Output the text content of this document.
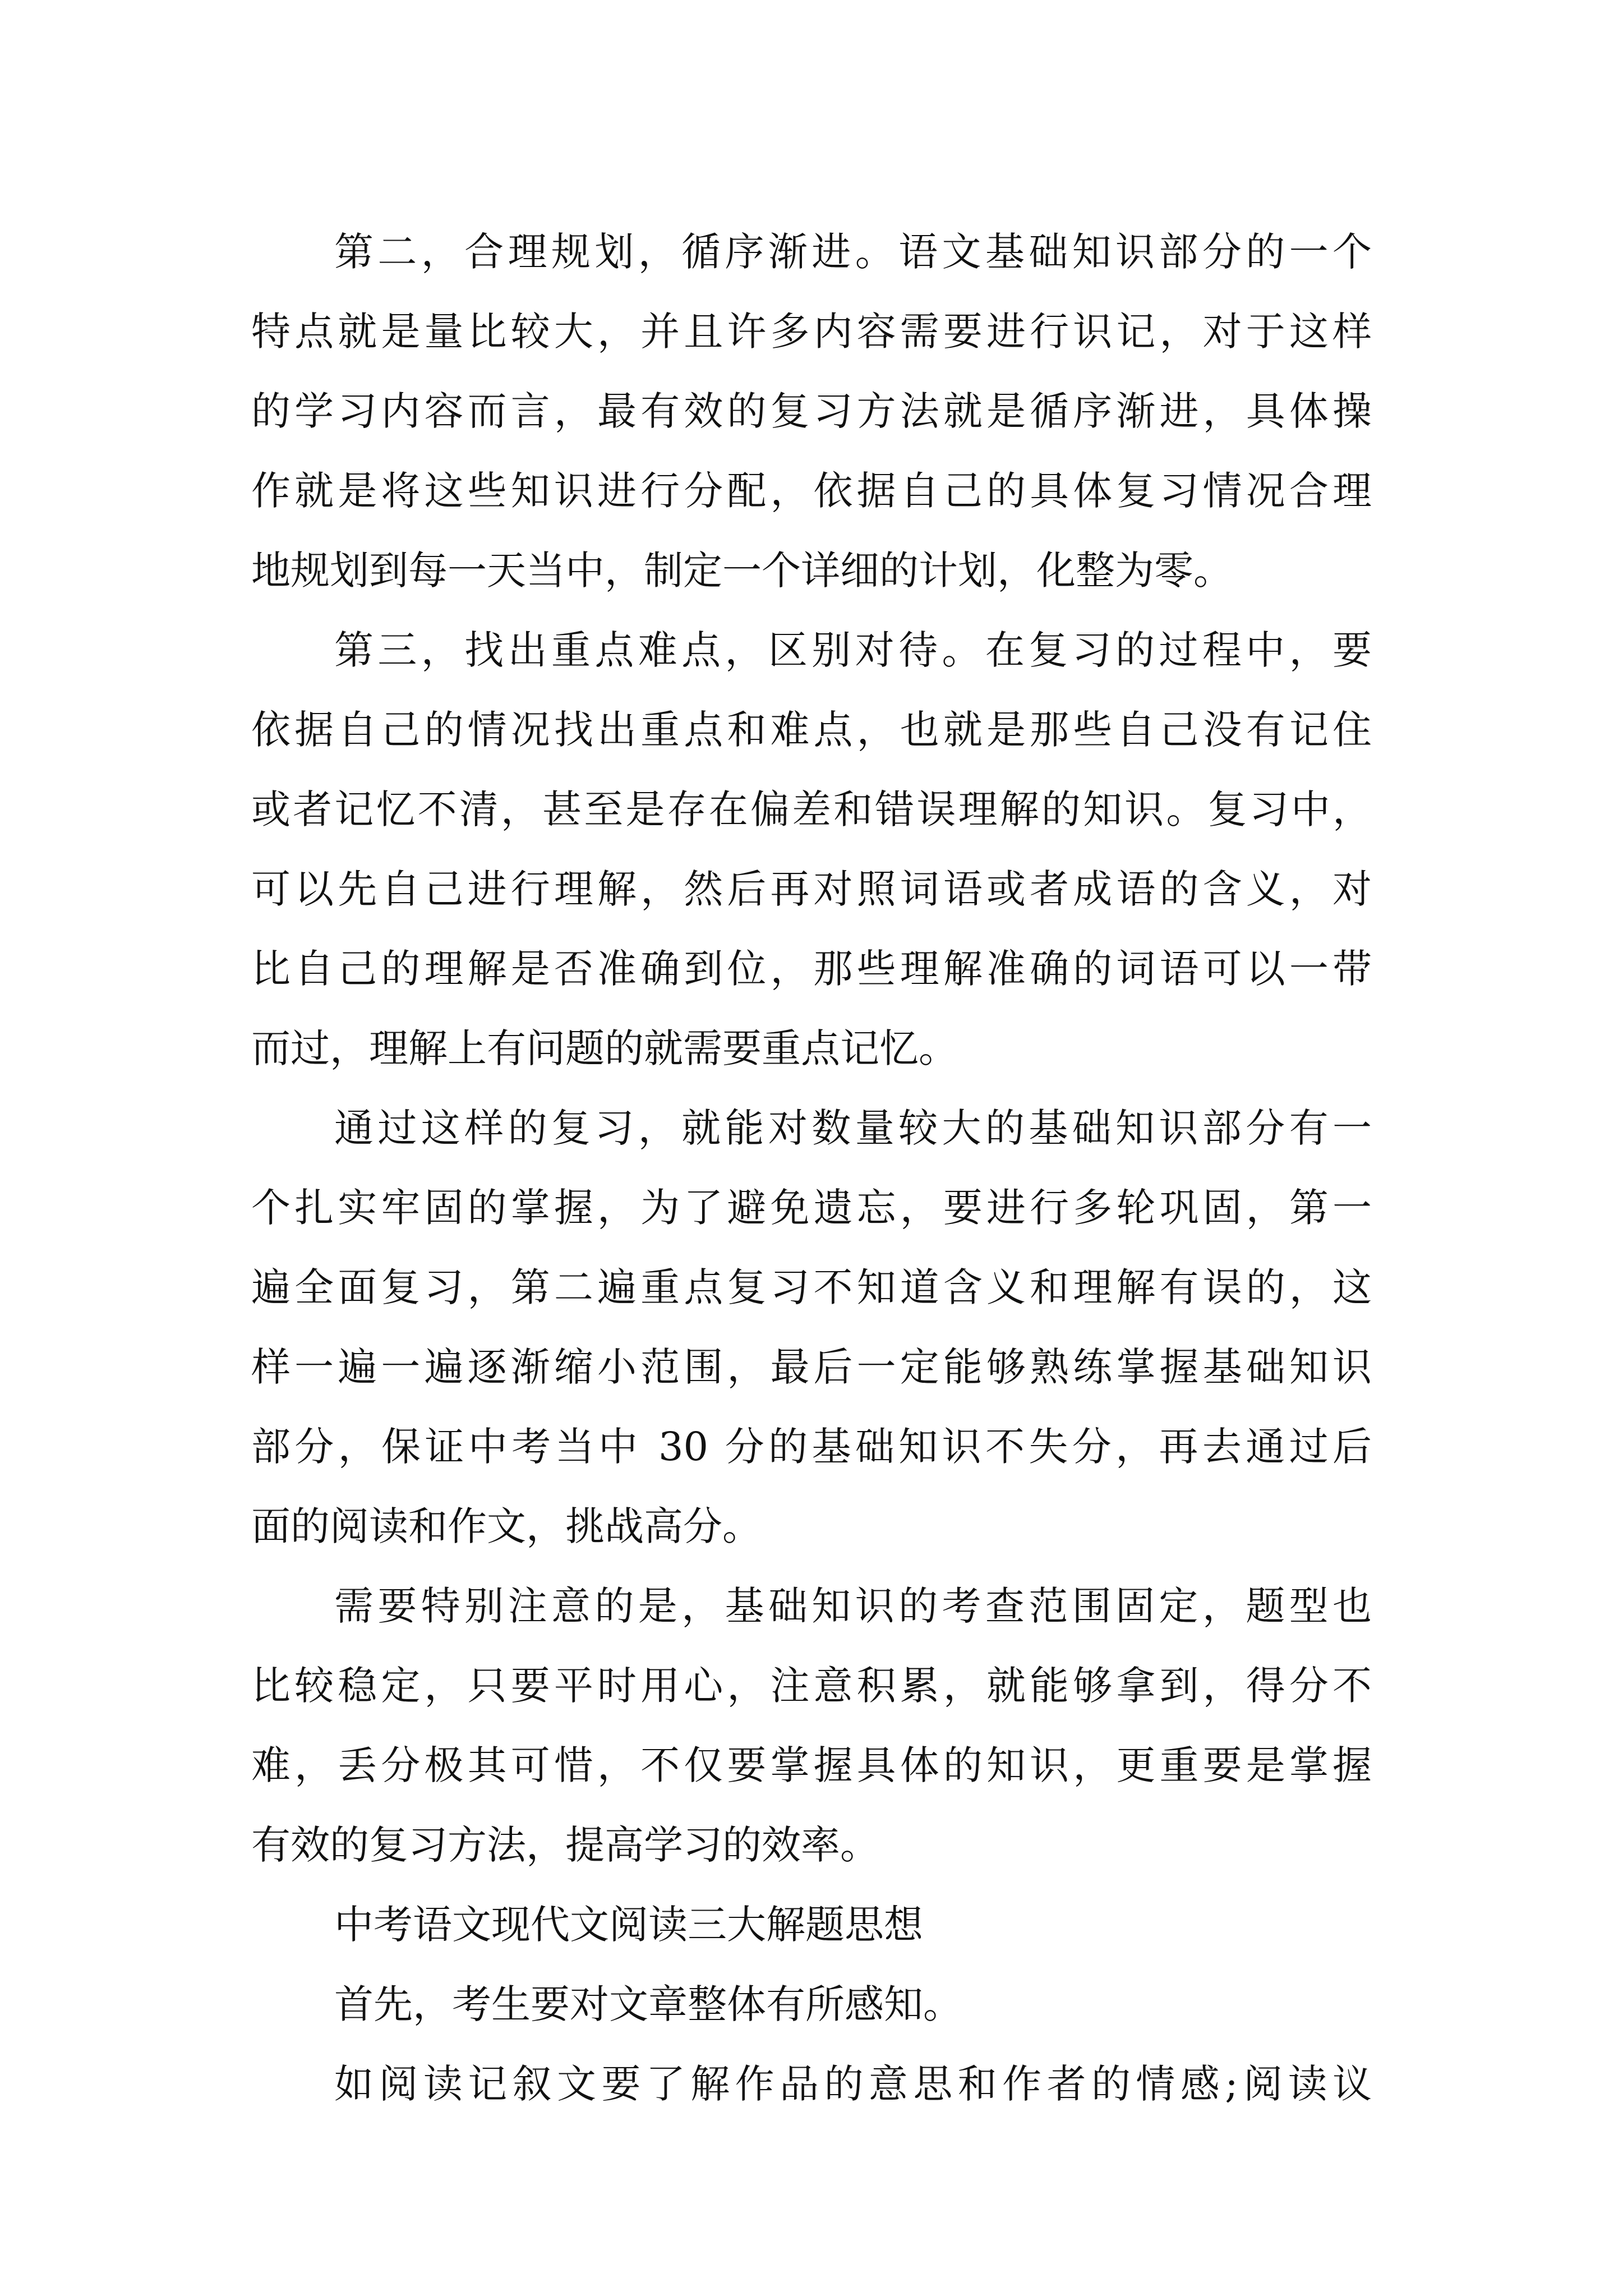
第二，合理规划，循序渐进。语文基础知识部分的一个
特点就是量比较大，并且许多内容需要进行识记，对于这样
的学习内容而言，最有效的复习方法就是循序渐进，具体操
作就是将这些知识进行分配，依据自己的具体复习情况合理
地规划到每一天当中，制定一个详细的计划，化整为零。
第三，找出重点难点，区别对待。在复习的过程中，要
依据自己的情况找出重点和难点，也就是那些自己没有记住
或者记忆不清，甚至是存在偏差和错误理解的知识。复习中，
可以先自己进行理解，然后再对照词语或者成语的含义，对
比自己的理解是否准确到位，那些理解准确的词语可以一带
而过，理解上有问题的就需要重点记忆。
通过这样的复习，就能对数量较大的基础知识部分有一
个扎实牢固的掌握，为了避免遗忘，要进行多轮巩固，第一
遍全面复习，第二遍重点复习不知道含义和理解有误的，这
样一遍一遍逐渐缩小范围，最后一定能够熟练掌握基础知识
部分，保证中考当中 30 分的基础知识不失分，再去通过后
面的阅读和作文，挑战高分。
需要特别注意的是，基础知识的考查范围固定，题型也
比较稳定，只要平时用心，注意积累，就能够拿到，得分不
难，丢分极其可惜，不仅要掌握具体的知识，更重要是掌握
有效的复习方法，提高学习的效率。
中考语文现代文阅读三大解题思想
首先，考生要对文章整体有所感知。
如阅读记叙文要了解作品的意思和作者的情感;阅读议
